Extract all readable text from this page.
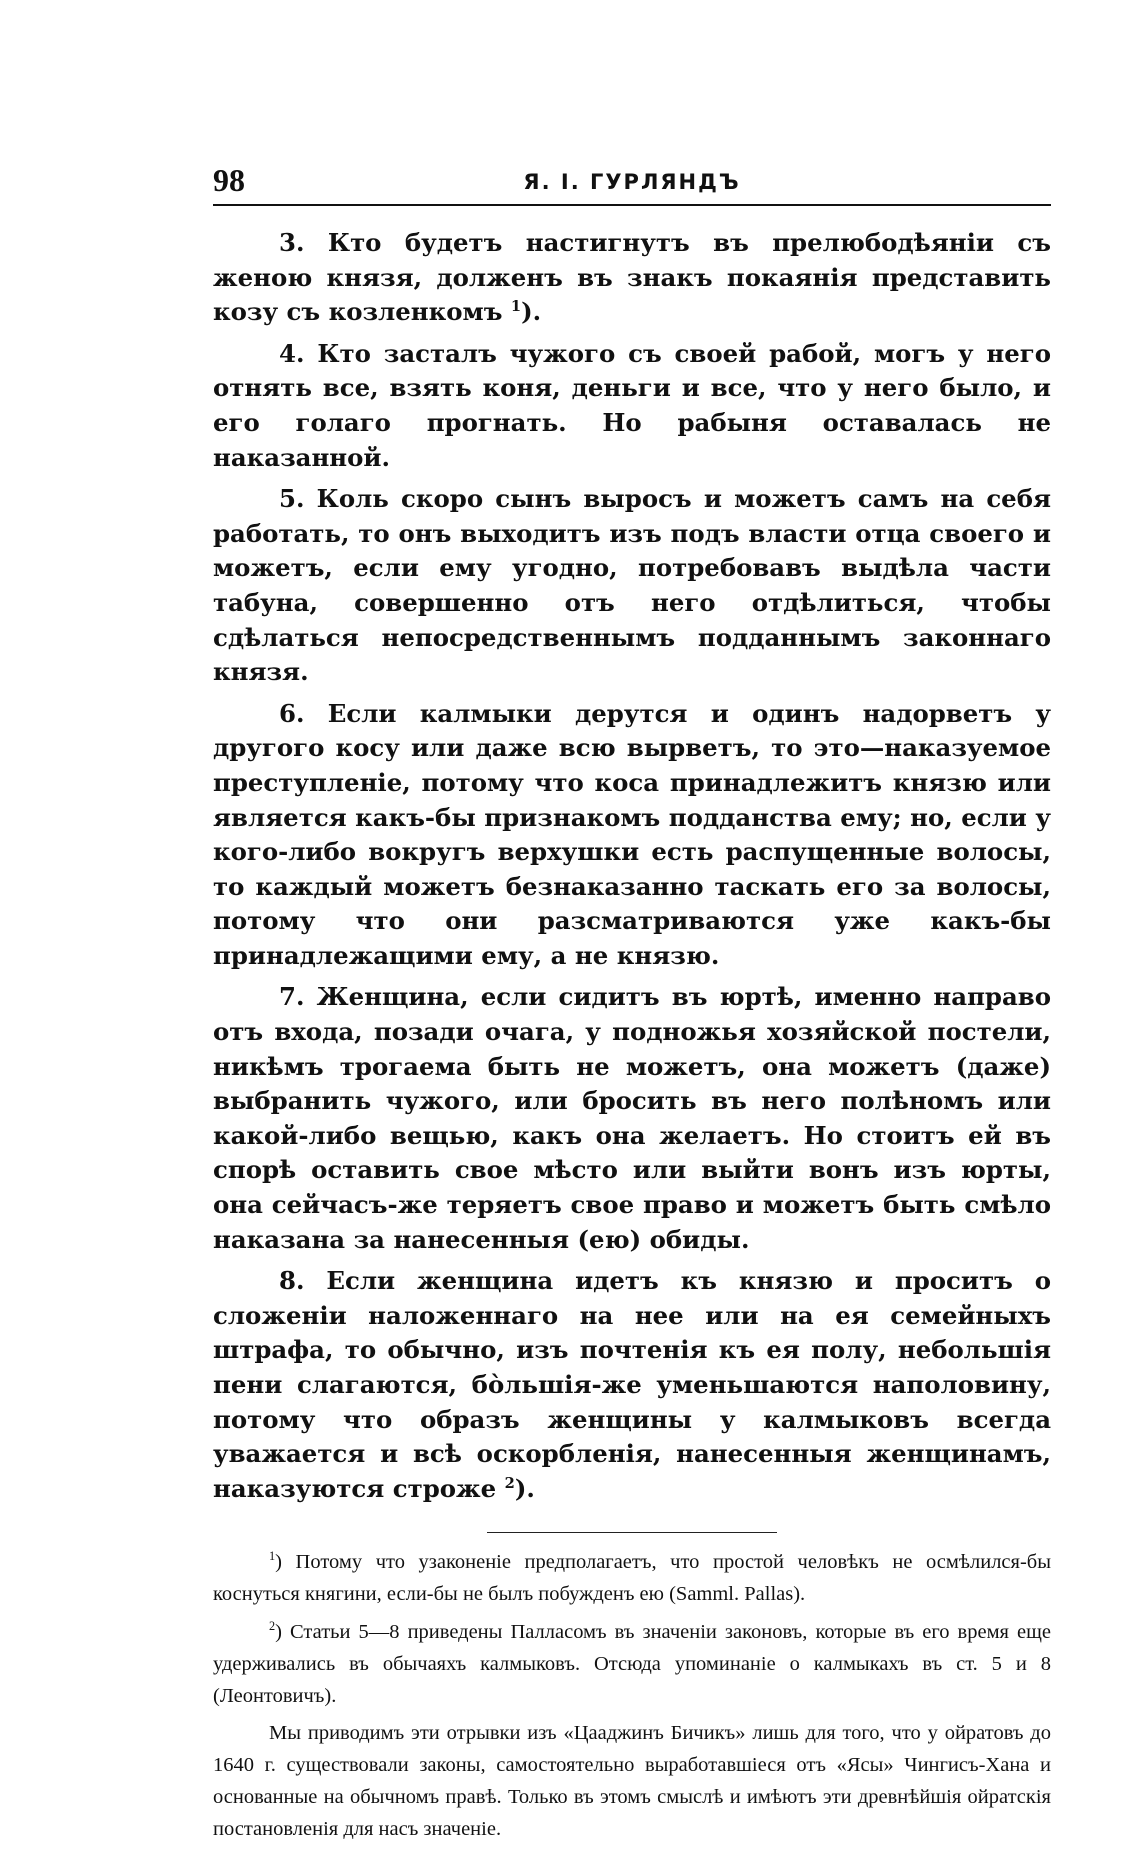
98	Я. І. ГУРЛЯНДЪ

3. Кто будетъ настигнутъ въ прелюбодѣяніи съ женою князя, долженъ въ знакъ покаянія представить козу съ козленкомъ $^1$).

4. Кто засталъ чужого съ своей рабой, могъ у него отнять все, взять коня, деньги и все, что у него было, и его голаго прогнать. Но рабыня оставалась не наказанной.

5. Коль скоро сынъ выросъ и можетъ самъ на себя работать, то онъ выходитъ изъ подъ власти отца своего и можетъ, если ему угодно, потребовавъ выдѣла части табуна, совершенно отъ него отдѣлиться, чтобы сдѣлаться непосредственнымъ подданнымъ законнаго князя.

6. Если калмыки дерутся и одинъ надорветъ у другого косу или даже всю вырветъ, то это—наказуемое преступленіе, потому что коса принадлежитъ князю или является какъ-бы признакомъ подданства ему; но, если у кого-либо вокругъ верхушки есть распущенные волосы, то каждый можетъ безнаказанно таскать его за волосы, потому что они разсматриваются уже какъ-бы принадлежащими ему, а не князю.

7. Женщина, если сидитъ въ юртѣ, именно направо отъ входа, позади очага, у подножья хозяйской постели, никѣмъ трогаема быть не можетъ, она можетъ (даже) выбранить чужого, или бросить въ него полѣномъ или какой-либо вещью, какъ она желаетъ. Но стоитъ ей въ спорѣ оставить свое мѣсто или выйти вонъ изъ юрты, она сейчасъ-же теряетъ свое право и можетъ быть смѣло наказана за нанесенныя (ею) обиды.

8. Если женщина идетъ къ князю и проситъ о сложеніи наложеннаго на нее или на ея семейныхъ штрафа, то обычно, изъ почтенія къ ея полу, небольшія пени слагаются, бо̀льшія-же уменьшаются наполовину, потому что образъ женщины у калмыковъ всегда уважается и всѣ оскорбленія, нанесенныя женщинамъ, наказуются строже $^2$).

$^1$) Потому что узаконеніе предполагаетъ, что простой человѣкъ не осмѣлился-бы коснуться княгини, если-бы не былъ побужденъ ею (Samml. Pallas).

$^2$) Статьи 5—8 приведены Палласомъ въ значеніи законовъ, которые въ его время еще удерживались въ обычаяхъ калмыковъ. Отсюда упоминаніе о калмыкахъ въ ст. 5 и 8 (Леонтовичъ).

Мы приводимъ эти отрывки изъ «Цааджинъ Бичикъ» лишь для того, что у ойратовъ до 1640 г. существовали законы, самостоятельно выработавшіеся отъ «Ясы» Чингисъ-Хана и основанные на обычномъ правѣ. Только въ этомъ смыслѣ и имѣютъ эти древнѣйшія ойратскія постановленія для насъ значеніе.
